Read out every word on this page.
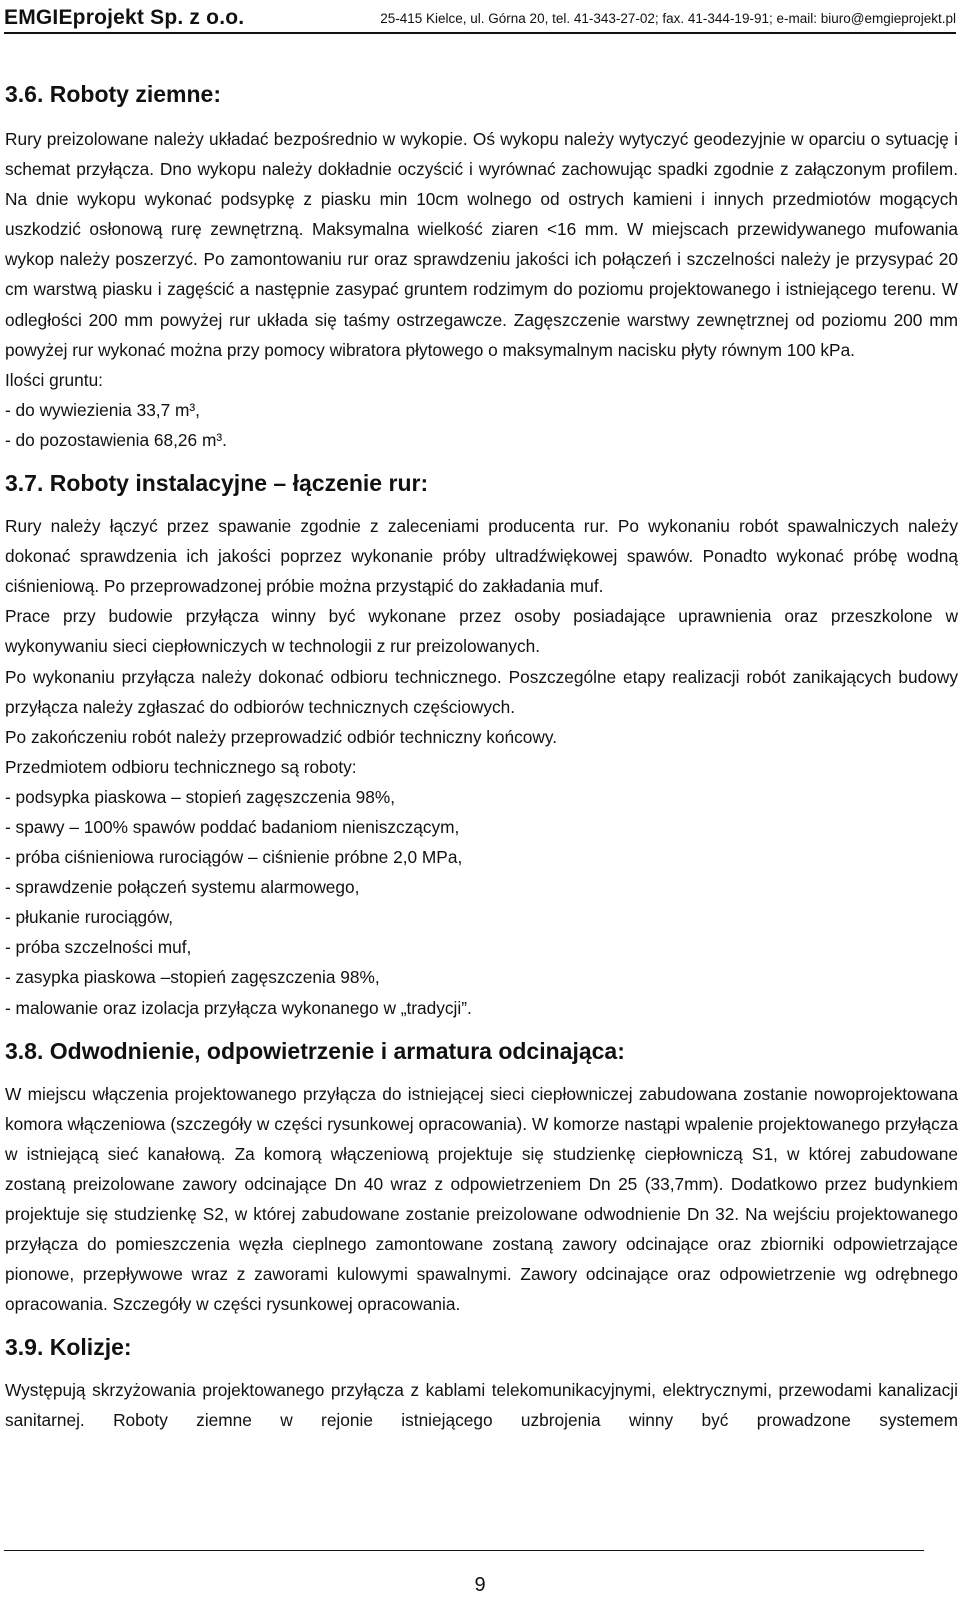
EMGIEprojekt Sp. z o.o.	25-415 Kielce, ul. Górna 20, tel. 41-343-27-02; fax. 41-344-19-91; e-mail: biuro@emgieprojekt.pl
3.6. Roboty ziemne:

Rury preizolowane należy układać bezpośrednio w wykopie. Oś wykopu należy wytyczyć geodezyjnie w oparciu o sytuację i schemat przyłącza. Dno wykopu należy dokładnie oczyścić i wyrównać zachowując spadki zgodnie z załączonym profilem. Na dnie wykopu wykonać podsypkę z piasku min 10cm wolnego od ostrych kamieni i innych przedmiotów mogących uszkodzić osłonową rurę zewnętrzną. Maksymalna wielkość ziaren <16 mm. W miejscach przewidywanego mufowania wykop należy poszerzyć. Po zamontowaniu rur oraz sprawdzeniu jakości ich połączeń i szczelności należy je przysypać 20 cm warstwą piasku i zagęścić a następnie zasypać gruntem rodzimym do poziomu projektowanego i istniejącego terenu. W odległości 200 mm powyżej rur układa się taśmy ostrzegawcze. Zagęszczenie warstwy zewnętrznej od poziomu 200 mm powyżej rur wykonać można przy pomocy wibratora płytowego o maksymalnym nacisku płyty równym 100 kPa.

Ilości gruntu:

- do wywiezienia 33,7 m³,

- do pozostawienia 68,26 m³.

3.7. Roboty instalacyjne – łączenie rur:

Rury należy łączyć przez spawanie zgodnie z zaleceniami producenta rur. Po wykonaniu robót spawalniczych należy dokonać sprawdzenia ich jakości poprzez wykonanie próby ultradźwiękowej spawów. Ponadto wykonać próbę wodną ciśnieniową. Po przeprowadzonej próbie można przystąpić do zakładania muf.

Prace przy budowie przyłącza winny być wykonane przez osoby posiadające uprawnienia oraz przeszkolone w wykonywaniu sieci ciepłowniczych w technologii z rur preizolowanych.

Po wykonaniu przyłącza należy dokonać odbioru technicznego. Poszczególne etapy realizacji robót zanikających budowy przyłącza należy zgłaszać do odbiorów technicznych częściowych.

Po zakończeniu robót należy przeprowadzić odbiór techniczny końcowy.

Przedmiotem odbioru technicznego są roboty:

- podsypka piaskowa – stopień zagęszczenia 98%,
- spawy – 100% spawów poddać badaniom nieniszczącym,
- próba ciśnieniowa rurociągów – ciśnienie próbne 2,0 MPa,
- sprawdzenie połączeń systemu alarmowego,
- płukanie rurociągów,
- próba szczelności muf,
- zasypka piaskowa –stopień zagęszczenia 98%,
- malowanie oraz izolacja przyłącza wykonanego w „tradycji”.
3.8. Odwodnienie, odpowietrzenie i armatura odcinająca:

W miejscu włączenia projektowanego przyłącza do istniejącej sieci ciepłowniczej zabudowana zostanie nowoprojektowana komora włączeniowa (szczegóły w części rysunkowej opracowania). W komorze nastąpi wpalenie projektowanego przyłącza w istniejącą sieć kanałową. Za komorą włączeniową projektuje się studzienkę ciepłowniczą S1, w której zabudowane zostaną preizolowane zawory odcinające Dn 40 wraz z odpowietrzeniem Dn 25 (33,7mm). Dodatkowo przez budynkiem projektuje się studzienkę S2, w której zabudowane zostanie preizolowane odwodnienie Dn 32. Na wejściu projektowanego przyłącza do pomieszczenia węzła cieplnego zamontowane zostaną zawory odcinające oraz zbiorniki odpowietrzające pionowe, przepływowe wraz z zaworami kulowymi spawalnymi. Zawory odcinające oraz odpowietrzenie wg odrębnego opracowania. Szczegóły w części rysunkowej opracowania.

3.9. Kolizje:

Występują skrzyżowania projektowanego przyłącza z kablami telekomunikacyjnymi, elektrycznymi, przewodami kanalizacji sanitarnej. Roboty ziemne w rejonie istniejącego uzbrojenia winny być prowadzone systemem

9
